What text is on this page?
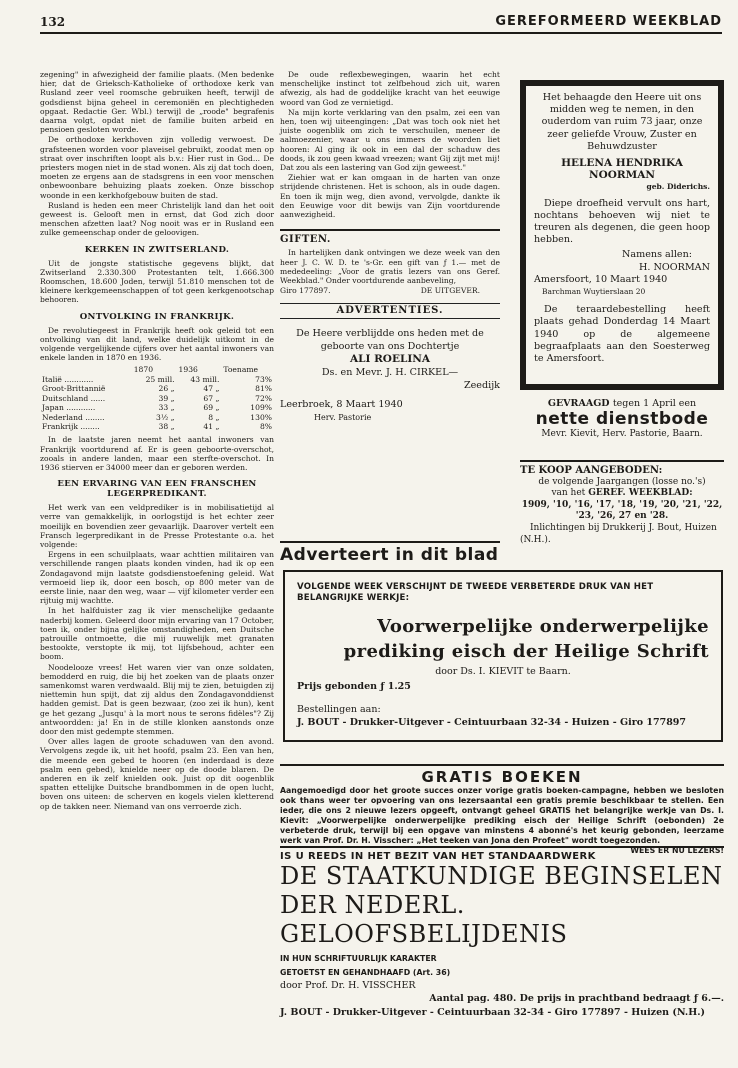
132	GEREFORMEERD WEEKBLAD

zegening" in afwezigheid der familie plaats. (Men bedenke hier, dat de Grieksch-Katholieke of orthodoxe kerk van Rusland zeer veel roomsche gebruiken heeft, terwijl de godsdienst bijna geheel in ceremoniën en plechtigheden opgaat. Redactie Ger. Wbl.) terwijl de „roode" begrafenis daarna volgt, opdat niet de familie buiten arbeid en pensioen gesloten worde.

De orthodoxe kerkhoven zijn volledig verwoest. De grafsteenen worden voor plaveisel gebruikt, zoodat men op straat over inschriften loopt als b.v.: Hier rust in God... De priesters mogen niet in de stad wonen. Als zij dat toch doen, moeten ze ergens aan de stadsgrens in een voor menschen onbewoonbare behuizing plaats zoeken. Onze bisschop woonde in een kerkhofgebouw buiten de stad.

Rusland is heden een meer Christelijk land dan het ooit geweest is. Gelooft men in ernst, dat God zich door menschen afzetten laat? Nog nooit was er in Rusland een zulke gemeenschap onder de geloovigen.

KERKEN IN ZWITSERLAND.

Uit de jongste statistische gegevens blijkt, dat Zwitserland 2.330.300 Protestanten telt, 1.666.300 Roomschen, 18.600 Joden, terwijl 51.810 menschen tot de kleinere kerkgemeenschappen of tot geen kerkgenootschap behooren.

ONTVOLKING IN FRANKRIJK.

De revolutiegeest in Frankrijk heeft ook geleid tot een ontvolking van dit land, welke duidelijk uitkomt in de volgende vergelijkende cijfers over het aantal inwoners van enkele landen in 1870 en 1936.

	1870	1936	Toename
Italië ............	25 mill.	43 mill.	73%
Groot-Brittannië	26 „	47 „	81%
Duitschland ......	39 „	67 „	72%
Japan ............	33 „	69 „	109%
Nederland ........	3½ „	8 „	130%
Frankrijk ........	38 „	41 „	8%

In de laatste jaren neemt het aantal inwoners van Frankrijk voortdurend af. Er is geen geboorte-overschot, zooals in andere landen, maar een sterfte-overschot. In 1936 stierven er 34000 meer dan er geboren werden.

EEN ERVARING VAN EEN FRANSCHEN LEGERPREDIKANT.

Het werk van een veldprediker is in mobilisatietijd al verre van gemakkelijk, in oorlogstijd is het echter zeer moeilijk en bovendien zeer gevaarlijk. Daarover vertelt een Fransch legerpredikant in de Presse Protestante o.a. het volgende:

Ergens in een schuilplaats, waar achttien militairen van verschillende rangen plaats konden vinden, had ik op een Zondagavond mijn laatste godsdienstoefening geleid. Wat vermoeid liep ik, door een bosch, op 800 meter van de eerste linie, naar den weg, waar — vijf kilometer verder een rijtuig mij wachtte.

In het halfduister zag ik vier menschelijke gedaante naderbij komen. Geleerd door mijn ervaring van 17 October, toen ik, onder bijna gelijke omstandigheden, een Duitsche patrouille ontmoette, die mij ruuwelijk met granaten bestookte, verstopte ik mij, tot lijfsbehoud, achter een boom.

Noodelooze vrees! Het waren vier van onze soldaten, bemodderd en ruig, die bij het zoeken van de plaats onzer samenkomst waren verdwaald. Blij mij te zien, betuigden zij niettemin hun spijt, dat zij aldus den Zondagavonddienst hadden gemist. Dat is geen bezwaar, (zoo zei ik hun), kent ge het gezang „Jusqu' à la mort nous te serons fidèles"? Zij antwoordden: ja! En in de stille klonken aanstonds onze door den mist gedempte stemmen.

Over alles lagen de groote schaduwen van den avond. Vervolgens zegde ik, uit het hoofd, psalm 23. Een van hen, die meende een gebed te hooren (en inderdaad is deze psalm een gebed), knielde neer op de doode blaren. De anderen en ik zelf knielden ook. Juist op dit oogenblik spatten ettelijke Duitsche brandbommen in de open lucht, boven ons uiteen: de scherven en kogels vielen kletterend op de takken neer. Niemand van ons verroerde zich.

De oude reflexbewegingen, waarin het echt menschelijke instinct tot zelfbehoud zich uit, waren afwezig, als had de goddelijke kracht van het eeuwige woord van God ze vernietigd.

Na mijn korte verklaring van den psalm, zei een van hen, toen wij uiteengingen: „Dat was toch ook niet het juiste oogenblik om zich te verschuilen, meneer de aalmoezenier, waar u ons immers de woorden liet hooren: Al ging ik ook in een dal der schaduw des doods, ik zou geen kwaad vreezen; want Gij zijt met mij! Dat zou als een lastering van God zijn geweest."

Ziehier wat er kan omgaan in de harten van onze strijdende christenen. Het is schoon, als in oude dagen. En toen ik mijn weg, dien avond, vervolgde, dankte ik den Eeuwige voor dit bewijs van Zijn voortdurende aanwezigheid.

GIFTEN.

In hartelijken dank ontvingen we deze week van den heer J. C. W. D. te 's-Gr. een gift van ƒ 1.— met de mededeeling: „Voor de gratis lezers van ons Geref. Weekblad." Onder voortdurende aanbeveling,

Giro 177897.	DE UITGEVER.
ADVERTENTIES.
De Heere verblijdde ons heden met de geboorte van ons Dochtertje
ALI ROELINA
Ds. en Mevr. J. H. CIRKEL—
Zeedijk
Leerbroek, 8 Maart 1940
Herv. Pastorie
Adverteert in dit blad
Het behaagde den Heere uit ons midden weg te nemen, in den ouderdom van ruim 73 jaar, onze zeer geliefde Vrouw, Zuster en Behuwdzuster
HELENA HENDRIKA
NOORMAN
geb. Diderichs.
Diepe droefheid vervult ons hart, nochtans behoeven wij niet te treuren als degenen, die geen hoop hebben.
Namens allen:
H. NOORMAN
Amersfoort, 10 Maart 1940
Barchman Wuytierslaan 20
De teraardebestelling heeft plaats gehad Donderdag 14 Maart 1940 op de algemeene begraafplaats aan den Soesterweg te Amersfoort.
GEVRAAGD tegen 1 April een
nette dienstbode
Mevr. Kievit, Herv. Pastorie, Baarn.
TE KOOP AANGEBODEN:
de volgende Jaargangen (losse no.'s)
van het GEREF. WEEKBLAD:
1909, '10, '16, '17, '18, '19, '20, '21, '22, '23, '26, 27 en '28.
Inlichtingen bij Drukkerij J. Bout, Huizen (N.H.).
VOLGENDE WEEK VERSCHIJNT DE TWEEDE VERBETERDE DRUK VAN HET BELANGRIJKE WERKJE:
Voorwerpelijke onderwerpelijke
prediking eisch der Heilige Schrift
door Ds. I. KIEVIT te Baarn.
Prijs gebonden ƒ 1.25
Bestellingen aan:
J. BOUT - Drukker-Uitgever - Ceintuurbaan 32-34 - Huizen - Giro 177897
GRATIS BOEKEN
Aangemoedigd door het groote succes onzer vorige gratis boeken-campagne, hebben we besloten ook thans weer ter opvoering van ons lezersaantal een gratis premie beschikbaar te stellen. Een ieder, die ons 2 nieuwe lezers opgeeft, ontvangt geheel GRATIS het belangrijke werkje van Ds. I. Kievit: „Voorwerpelijke onderwerpelijke prediking eisch der Heilige Schrift (oebonden) 2e verbeterde druk, terwijl bij een opgave van minstens 4 abonné's het keurig gebonden, leerzame werk van Prof. Dr. H. Visscher: „Het teeken van Jona den Profeet" wordt toegezonden.
WEES ER NU LEZERS!
IS U REEDS IN HET BEZIT VAN HET STANDAARDWERK
DE STAATKUNDIGE BEGINSELEN
DER NEDERL. GELOOFSBELIJDENIS
IN HUN SCHRIFTUURLIJK KARAKTER
GETOETST EN GEHANDHAAFD (Art. 36)
door Prof. Dr. H. VISSCHER
Aantal pag. 480. De prijs in prachtband bedraagt ƒ 6.—.
J. BOUT - Drukker-Uitgever - Ceintuurbaan 32-34 - Giro 177897 - Huizen (N.H.)
